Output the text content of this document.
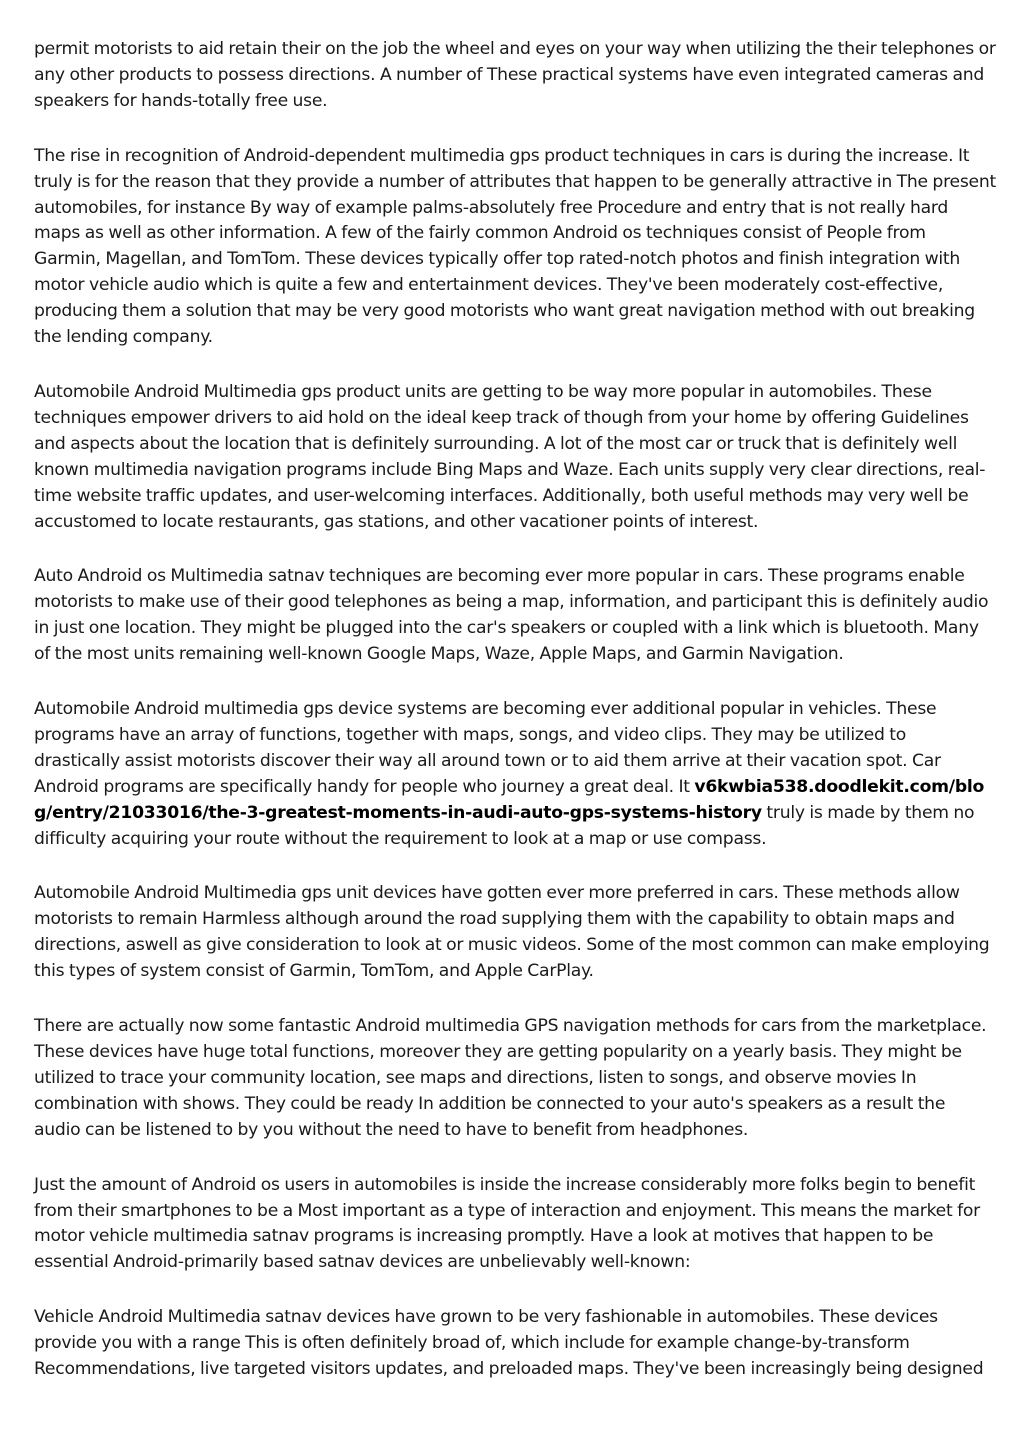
permit motorists to aid retain their on the job the wheel and eyes on your way when utilizing the their telephones or any other products to possess directions. A number of These practical systems have even integrated cameras and speakers for hands-totally free use.

The rise in recognition of Android-dependent multimedia gps product techniques in cars is during the increase. It truly is for the reason that they provide a number of attributes that happen to be generally attractive in The present automobiles, for instance By way of example palms-absolutely free Procedure and entry that is not really hard maps as well as other information. A few of the fairly common Android os techniques consist of People from Garmin, Magellan, and TomTom. These devices typically offer top rated-notch photos and finish integration with motor vehicle audio which is quite a few and entertainment devices. They've been moderately cost-effective, producing them a solution that may be very good motorists who want great navigation method with out breaking the lending company.

Automobile Android Multimedia gps product units are getting to be way more popular in automobiles. These techniques empower drivers to aid hold on the ideal keep track of though from your home by offering Guidelines and aspects about the location that is definitely surrounding. A lot of the most car or truck that is definitely well known multimedia navigation programs include Bing Maps and Waze. Each units supply very clear directions, real-time website traffic updates, and user-welcoming interfaces. Additionally, both useful methods may very well be accustomed to locate restaurants, gas stations, and other vacationer points of interest.

Auto Android os Multimedia satnav techniques are becoming ever more popular in cars. These programs enable motorists to make use of their good telephones as being a map, information, and participant this is definitely audio in just one location. They might be plugged into the car's speakers or coupled with a link which is bluetooth. Many of the most units remaining well-known Google Maps, Waze, Apple Maps, and Garmin Navigation.

Automobile Android multimedia gps device systems are becoming ever additional popular in vehicles. These programs have an array of functions, together with maps, songs, and video clips. They may be utilized to drastically assist motorists discover their way all around town or to aid them arrive at their vacation spot. Car Android programs are specifically handy for people who journey a great deal. It v6kwbia538.doodlekit.com/blog/entry/21033016/the-3-greatest-moments-in-audi-auto-gps-systems-history truly is made by them no difficulty acquiring your route without the requirement to look at a map or use compass.

Automobile Android Multimedia gps unit devices have gotten ever more preferred in cars. These methods allow motorists to remain Harmless although around the road supplying them with the capability to obtain maps and directions, aswell as give consideration to look at or music videos. Some of the most common can make employing this types of system consist of Garmin, TomTom, and Apple CarPlay.

There are actually now some fantastic Android multimedia GPS navigation methods for cars from the marketplace. These devices have huge total functions, moreover they are getting popularity on a yearly basis. They might be utilized to trace your community location, see maps and directions, listen to songs, and observe movies In combination with shows. They could be ready In addition be connected to your auto's speakers as a result the audio can be listened to by you without the need to have to benefit from headphones.

Just the amount of Android os users in automobiles is inside the increase considerably more folks begin to benefit from their smartphones to be a Most important as a type of interaction and enjoyment. This means the market for motor vehicle multimedia satnav programs is increasing promptly. Have a look at motives that happen to be essential Android-primarily based satnav devices are unbelievably well-known:

Vehicle Android Multimedia satnav devices have grown to be very fashionable in automobiles. These devices provide you with a range This is often definitely broad of, which include for example change-by-transform Recommendations, live targeted visitors updates, and preloaded maps. They've been increasingly being designed
